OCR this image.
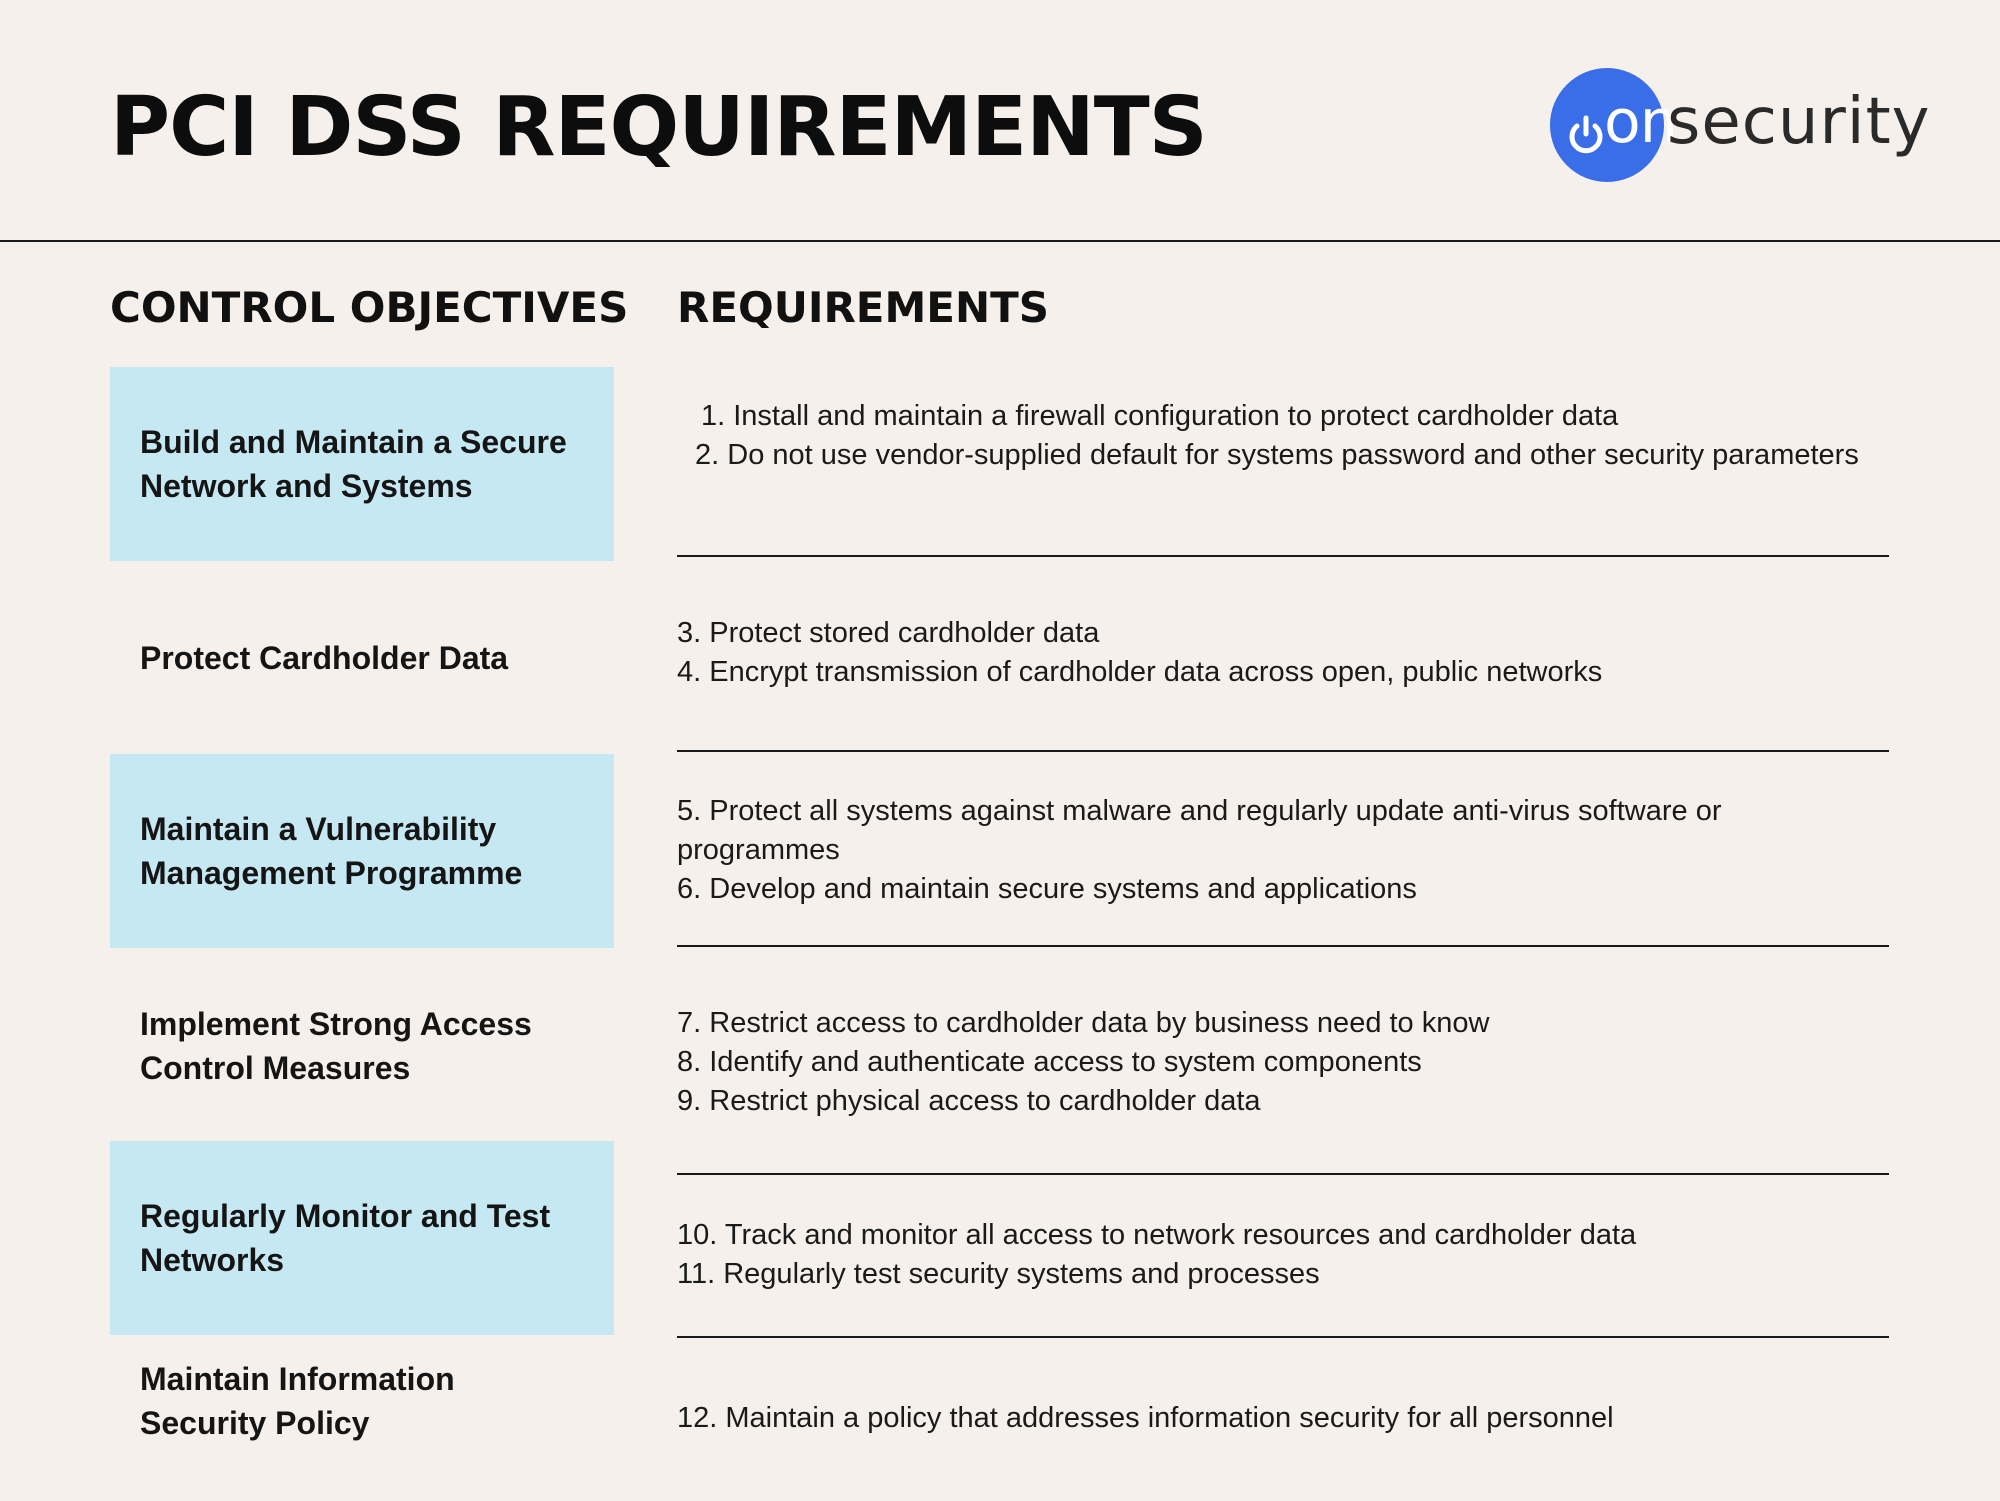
PCI DSS REQUIREMENTS	on
security
CONTROL OBJECTIVES REQUIREMENTS
Build and Maintain a Secure Network and Systems
1. Install and maintain a firewall configuration to protect cardholder data
2. Do not use vendor-supplied default for systems password and other security parameters
Protect Cardholder Data
3. Protect stored cardholder data
4. Encrypt transmission of cardholder data across open, public networks
Maintain a Vulnerability Management Programme
5. Protect all systems against malware and regularly update anti-virus software or programmes
6. Develop and maintain secure systems and applications
Implement Strong Access Control Measures
7. Restrict access to cardholder data by business need to know
8. Identify and authenticate access to system components
9. Restrict physical access to cardholder data
Regularly Monitor and Test Networks
10. Track and monitor all access to network resources and cardholder data
11. Regularly test security systems and processes
Maintain Information Security Policy	12. Maintain a policy that addresses information security for all personnel
